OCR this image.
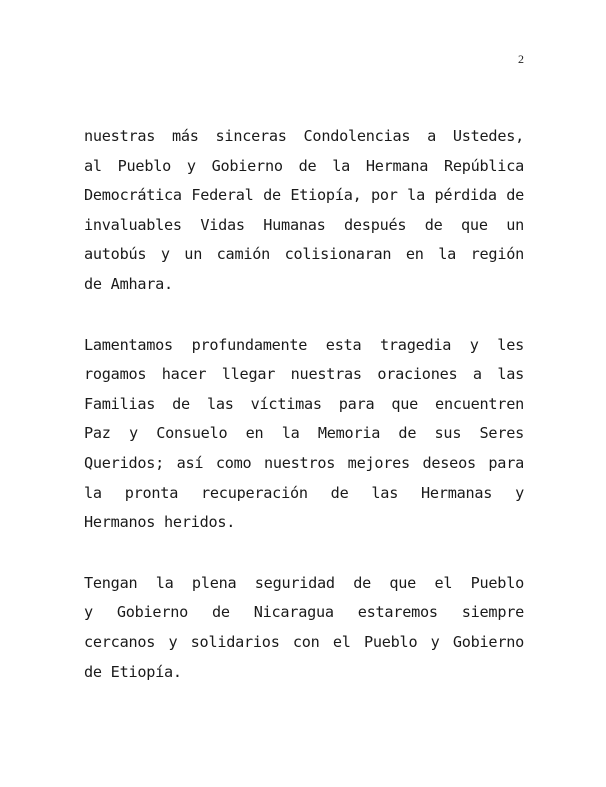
2

nuestras más sinceras Condolencias a Ustedes,
al Pueblo y Gobierno de la Hermana República
Democrática Federal de Etiopía, por la pérdida de
invaluables Vidas Humanas después de que un
autobús y un camión colisionaran en la región
de Amhara.

Lamentamos profundamente esta tragedia y les
rogamos hacer llegar nuestras oraciones a las
Familias de las víctimas para que encuentren
Paz y Consuelo en la Memoria de sus Seres
Queridos; así como nuestros mejores deseos para
la pronta recuperación de las Hermanas y
Hermanos heridos.

Tengan la plena seguridad de que el Pueblo
y Gobierno de Nicaragua estaremos siempre
cercanos y solidarios con el Pueblo y Gobierno
de Etiopía.
